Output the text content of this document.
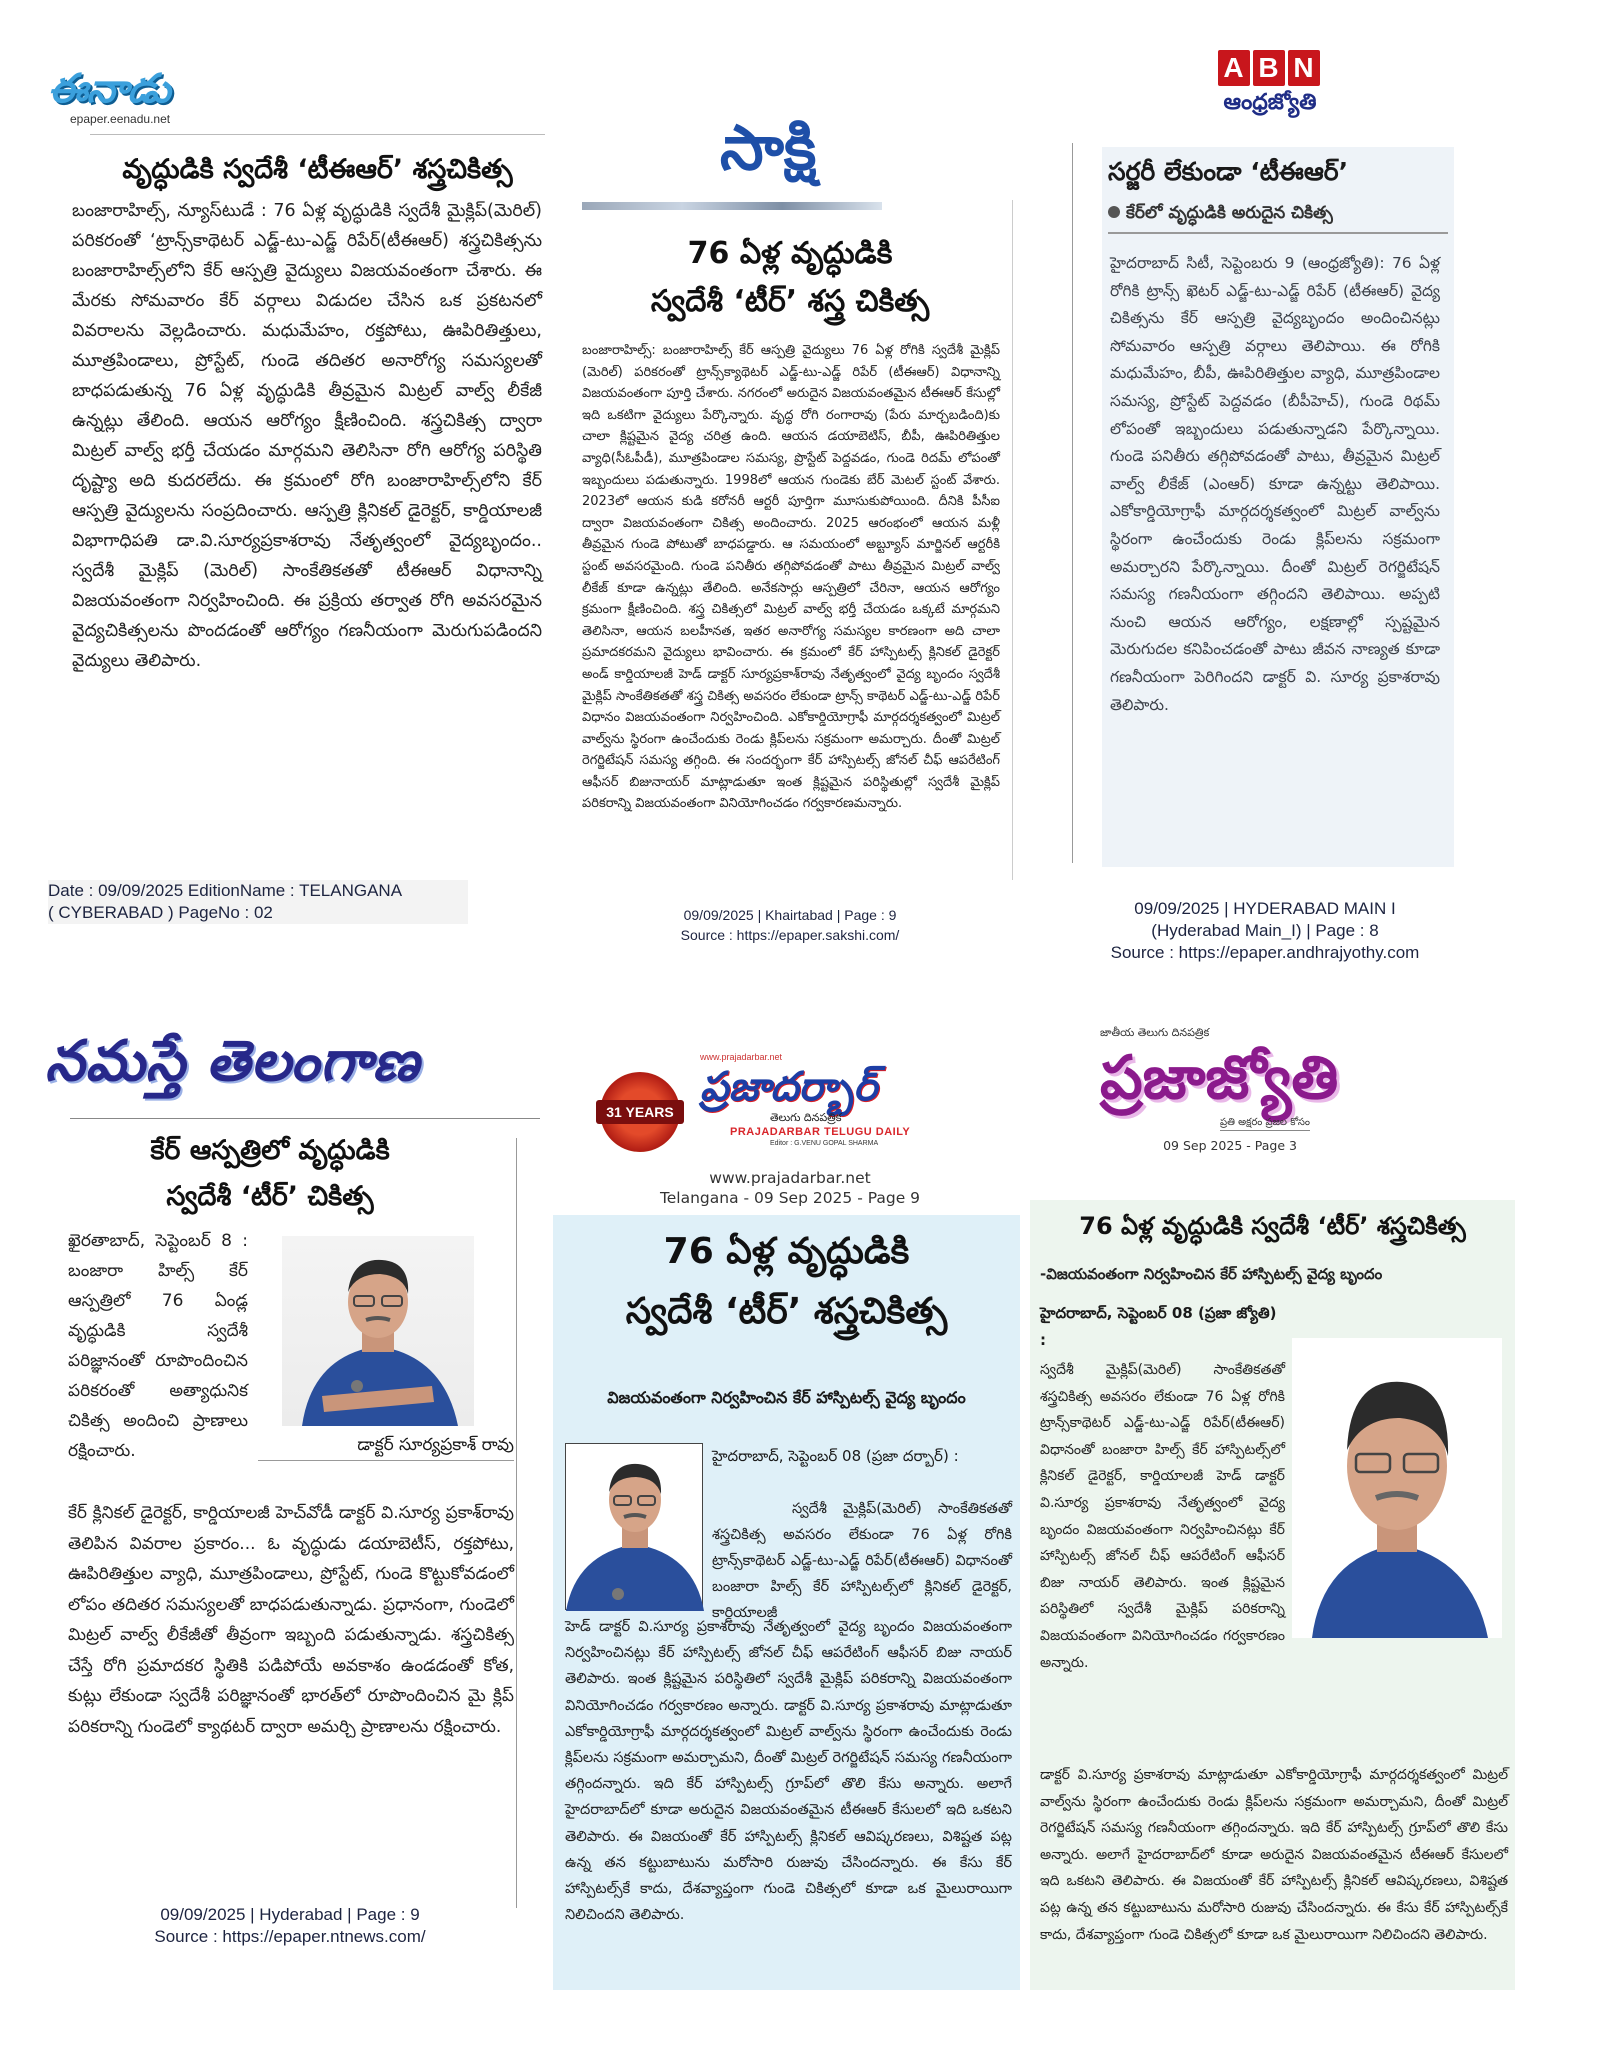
ఈనాడు
epaper.eenadu.net
వృద్ధుడికి స్వదేశీ ‘టీఈఆర్’ శస్త్రచికిత్స
బంజారాహిల్స్, న్యూస్‌టుడే : 76 ఏళ్ల వృద్ధుడికి స్వదేశీ మైక్లిప్(మెరిల్) పరికరంతో ‘ట్రాన్స్‌కాథెటర్ ఎడ్జ్-టు-ఎడ్జ్ రిపేర్(టీఈఆర్) శస్త్రచికిత్సను బంజారాహిల్స్‌లోని కేర్ ఆస్పత్రి వైద్యులు విజయవంతంగా చేశారు. ఈ మేరకు సోమవారం కేర్ వర్గాలు విడుదల చేసిన ఒక ప్రకటనలో వివరాలను వెల్లడించారు. మధుమేహం, రక్తపోటు, ఊపిరితిత్తులు, మూత్రపిండాలు, ప్రోస్టేట్, గుండె తదితర అనారోగ్య సమస్యలతో బాధపడుతున్న 76 ఏళ్ల వృద్ధుడికి తీవ్రమైన మిట్రల్ వాల్వ్ లీకేజీ ఉన్నట్లు తేలింది. ఆయన ఆరోగ్యం క్షీణించింది. శస్త్రచికిత్స ద్వారా మిట్రల్ వాల్వ్ భర్తీ చేయడం మార్గమని తెలిసినా రోగి ఆరోగ్య పరిస్థితి దృష్ట్యా అది కుదరలేదు. ఈ క్రమంలో రోగి బంజారాహిల్స్‌లోని కేర్ ఆస్పత్రి వైద్యులను సంప్రదించారు. ఆస్పత్రి క్లినికల్ డైరెక్టర్, కార్డియాలజీ విభాగాధిపతి డా.వి.సూర్యప్రకాశరావు నేతృత్వంలో వైద్యబృందం.. స్వదేశీ మైక్లిప్ (మెరిల్) సాంకేతికతతో టీఈఆర్ విధానాన్ని విజయవంతంగా నిర్వహించింది. ఈ ప్రక్రియ తర్వాత రోగి అవసరమైన వైద్యచికిత్సలను పొందడంతో ఆరోగ్యం గణనీయంగా మెరుగుపడిందని వైద్యులు తెలిపారు.
Date : 09/09/2025 EditionName : TELANGANA
( CYBERABAD ) PageNo : 02
సాక్షి
76 ఏళ్ల వృద్ధుడికి
స్వదేశీ ‘టీర్’ శస్త్ర చికిత్స
బంజారాహిల్స్: బంజారాహిల్స్ కేర్ ఆస్పత్రి వైద్యులు 76 ఏళ్ల రోగికి స్వదేశీ మైక్లిప్ (మెరిల్) పరికరంతో ట్రాన్స్‌క్యాథెటర్ ఎడ్జ్-టు-ఎడ్జ్ రిపేర్ (టీఈఆర్) విధానాన్ని విజయవంతంగా పూర్తి చేశారు. నగరంలో అరుదైన విజయవంతమైన టీఈఆర్ కేసుల్లో ఇది ఒకటిగా వైద్యులు పేర్కొన్నారు. వృద్ధ రోగి రంగారావు (పేరు మార్చబడింది)కు చాలా క్లిష్టమైన వైద్య చరిత్ర ఉంది. ఆయన డయాబెటిస్, బీపీ, ఊపిరితిత్తుల వ్యాధి(సీఓపీడీ), మూత్రపిండాల సమస్య, ప్రొస్టేట్ పెద్దవడం, గుండె రిదమ్ లోపంతో ఇబ్బందులు పడుతున్నారు. 1998లో ఆయన గుండెకు బేర్ మెటల్ స్టంట్ వేశారు. 2023లో ఆయన కుడి కరోనరీ ఆర్టరీ పూర్తిగా మూసుకుపోయింది. దీనికి పీసీఐ ద్వారా విజయవంతంగా చికిత్స అందించారు. 2025 ఆరంభంలో ఆయన మళ్లీ తీవ్రమైన గుండె పోటుతో బాధపడ్డారు. ఆ సమయంలో అబ్ట్యూస్ మార్జినల్ ఆర్టరీకి స్టంట్ అవసరమైంది. గుండె పనితీరు తగ్గిపోవడంతో పాటు తీవ్రమైన మిట్రల్ వాల్వ్ లీకేజ్ కూడా ఉన్నట్లు తేలింది. అనేకసార్లు ఆస్పత్రిలో చేరినా, ఆయన ఆరోగ్యం క్రమంగా క్షీణించింది. శస్త్ర చికిత్సలో మిట్రల్ వాల్వ్ భర్తీ చేయడం ఒక్కటే మార్గమని తెలిసినా, ఆయన బలహీనత, ఇతర అనారోగ్య సమస్యల కారణంగా అది చాలా ప్రమాదకరమని వైద్యులు భావించారు. ఈ క్రమంలో కేర్ హాస్పిటల్స్ క్లినికల్ డైరెక్టర్ అండ్ కార్డియాలజీ హెడ్ డాక్టర్ సూర్యప్రకాశ్‌రావు నేతృత్వంలో వైద్య బృందం స్వదేశీ మైక్లిప్ సాంకేతికతతో శస్త్ర చికిత్స అవసరం లేకుండా ట్రాన్స్ కాథెటర్ ఎడ్జ్-టు-ఎడ్జ్ రిపేర్ విధానం విజయవంతంగా నిర్వహించింది. ఎకోకార్డియోగ్రాఫీ మార్గదర్శకత్వంలో మిట్రల్ వాల్వ్‌ను స్థిరంగా ఉంచేందుకు రెండు క్లిప్‌లను సక్రమంగా అమర్చారు. దీంతో మిట్రల్ రెగర్జిటేషన్ సమస్య తగ్గింది. ఈ సందర్భంగా కేర్ హాస్పిటల్స్ జోనల్ చీఫ్ ఆపరేటింగ్ ఆఫీసర్ బిజునాయర్ మాట్లాడుతూ ఇంత క్లిష్టమైన పరిస్థితుల్లో స్వదేశీ మైక్లిప్ పరికరాన్ని విజయవంతంగా వినియోగించడం గర్వకారణమన్నారు.
09/09/2025 | Khairtabad | Page : 9
Source : https://epaper.sakshi.com/
A B N
ఆంధ్రజ్యోతి
సర్జరీ లేకుండా ‘టీఈఆర్’
కేర్‌లో వృద్ధుడికి అరుదైన చికిత్స
హైదరాబాద్ సిటీ, సెప్టెంబరు 9 (ఆంధ్రజ్యోతి): 76 ఏళ్ల రోగికి ట్రాన్స్ ఖెటర్ ఎడ్జ్-టు-ఎడ్జ్ రిపేర్ (టీఈఆర్) వైద్య చికిత్సను కేర్ ఆస్పత్రి వైద్యబృందం అందించినట్లు సోమవారం ఆస్పత్రి వర్గాలు తెలిపాయి. ఈ రోగికి మధుమేహం, బీపీ, ఊపిరితిత్తుల వ్యాధి, మూత్రపిండాల సమస్య, ప్రోస్టేట్ పెద్దవడం (బీపీహెచ్), గుండె రిథమ్ లోపంతో ఇబ్బందులు పడుతున్నాడని పేర్కొన్నాయి. గుండె పనితీరు తగ్గిపోవడంతో పాటు, తీవ్రమైన మిట్రల్ వాల్వ్ లీకేజ్ (ఎంఆర్) కూడా ఉన్నట్టు తెలిపాయి. ఎకోకార్డియోగ్రాఫీ మార్గదర్శకత్వంలో మిట్రల్ వాల్వ్‌ను స్థిరంగా ఉంచేందుకు రెండు క్లిప్‌లను సక్రమంగా అమర్చారని పేర్కొన్నాయి. దీంతో మిట్రల్ రెగర్జిటేషన్ సమస్య గణనీయంగా తగ్గిందని తెలిపాయి. అప్పటి నుంచి ఆయన ఆరోగ్యం, లక్షణాల్లో స్పష్టమైన మెరుగుదల కనిపించడంతో పాటు జీవన నాణ్యత కూడా గణనీయంగా పెరిగిందని డాక్టర్ వి. సూర్య ప్రకాశరావు తెలిపారు.
09/09/2025 | HYDERABAD MAIN I
(Hyderabad Main_I) | Page : 8
Source : https://epaper.andhrajyothy.com
నమస్తే తెలంగాణ
కేర్ ఆస్పత్రిలో వృద్ధుడికి
స్వదేశీ ‘టీర్’ చికిత్స
ఖైరతాబాద్, సెప్టెంబర్ 8 : బంజారా హిల్స్ కేర్ ఆస్పత్రిలో 76 ఏండ్ల వృద్ధుడికి స్వదేశీ పరిజ్ఞానంతో రూపొందించిన పరికరంతో అత్యాధునిక చికిత్స అందించి ప్రాణాలు రక్షించారు.	డాక్టర్ సూర్యప్రకాశ్ రావు
కేర్ క్లినికల్ డైరెక్టర్, కార్డియాలజీ హెచ్‌వోడీ డాక్టర్ వి.సూర్య ప్రకాశ్‌రావు తెలిపిన వివరాల ప్రకారం... ఓ వృద్ధుడు డయాబెటీస్, రక్తపోటు, ఊపిరితిత్తుల వ్యాధి, మూత్రపిండాలు, ప్రోస్టేట్, గుండె కొట్టుకోవడంలో లోపం తదితర సమస్యలతో బాధపడుతున్నాడు. ప్రధానంగా, గుండెలో మిట్రల్ వాల్వ్ లీకేజీతో తీవ్రంగా ఇబ్బంది పడుతున్నాడు. శస్త్రచికిత్స చేస్తే రోగి ప్రమాదకర స్థితికి పడిపోయే అవకాశం ఉండడంతో కోత, కుట్లు లేకుండా స్వదేశీ పరిజ్ఞానంతో భారత్‌లో రూపొందించిన మై క్లిప్ పరికరాన్ని గుండెలో క్యాథటర్ ద్వారా అమర్చి ప్రాణాలను రక్షించారు.
09/09/2025 | Hyderabad | Page : 9
Source : https://epaper.ntnews.com/
31 YEARS
www.prajadarbar.net
ప్రజాదర్బార్
తెలుగు దినపత్రిక
PRAJADARBAR TELUGU DAILY
Editor : G.VENU GOPAL SHARMA
www.prajadarbar.net
Telangana - 09 Sep 2025 - Page 9
76 ఏళ్ల వృద్ధుడికి
స్వదేశీ ‘టీర్’ శస్త్రచికిత్స
విజయవంతంగా నిర్వహించిన కేర్ హాస్పిటల్స్ వైద్య బృందం
హైదరాబాద్, సెప్టెంబర్ 08 (ప్రజా దర్బార్) :
స్వదేశీ మైక్లిప్(మెరిల్) సాంకేతికతతో శస్త్రచికిత్స అవసరం లేకుండా 76 ఏళ్ల రోగికి ట్రాన్స్‌కాథెటర్ ఎడ్జ్-టు-ఎడ్జ్ రిపేర్(టీఈఆర్) విధానంతో బంజారా హిల్స్ కేర్ హాస్పిటల్స్‌లో క్లినికల్ డైరెక్టర్, కార్డియాలజీ
హెడ్ డాక్టర్ వి.సూర్య ప్రకాశరావు నేతృత్వంలో వైద్య బృందం విజయవంతంగా నిర్వహించినట్లు కేర్ హాస్పిటల్స్ జోనల్ చీఫ్ ఆపరేటింగ్ ఆఫీసర్ బిజు నాయర్ తెలిపారు. ఇంత క్లిష్టమైన పరిస్థితిలో స్వదేశీ మైక్లిప్ పరికరాన్ని విజయవంతంగా వినియోగించడం గర్వకారణం అన్నారు. డాక్టర్ వి.సూర్య ప్రకాశరావు మాట్లాడుతూ ఎకోకార్డియోగ్రాఫీ మార్గదర్శకత్వంలో మిట్రల్ వాల్వ్‌ను స్థిరంగా ఉంచేందుకు రెండు క్లిప్‌లను సక్రమంగా అమర్చామని, దీంతో మిట్రల్ రెగర్జిటేషన్ సమస్య గణనీయంగా తగ్గిందన్నారు. ఇది కేర్ హాస్పిటల్స్ గ్రూప్‌లో తొలి కేసు అన్నారు. అలాగే హైదరాబాద్‌లో కూడా అరుదైన విజయవంతమైన టీఈఆర్ కేసులలో ఇది ఒకటని తెలిపారు. ఈ విజయంతో కేర్ హాస్పిటల్స్ క్లినికల్ ఆవిష్కరణలు, విశిష్టత పట్ల ఉన్న తన కట్టుబాటును మరోసారి రుజువు చేసిందన్నారు. ఈ కేసు కేర్ హాస్పిటల్స్‌కే కాదు, దేశవ్యాప్తంగా గుండె చికిత్సలో కూడా ఒక మైలురాయిగా నిలిచిందని తెలిపారు.
జాతీయ తెలుగు దినపత్రిక
ప్రజాజ్యోతి
ప్రతి అక్షరం ప్రజల కోసం
09 Sep 2025 - Page 3
76 ఏళ్ల వృద్ధుడికి స్వదేశీ ‘టీర్’ శస్త్రచికిత్స
-విజయవంతంగా నిర్వహించిన కేర్ హాస్పిటల్స్ వైద్య బృందం
హైదరాబాద్, సెప్టెంబర్ 08 (ప్రజా జ్యోతి) :
స్వదేశీ మైక్లిప్(మెరిల్) సాంకేతికతతో శస్త్రచికిత్స అవసరం లేకుండా 76 ఏళ్ల రోగికి ట్రాన్స్‌కాథెటర్ ఎడ్జ్-టు-ఎడ్జ్ రిపేర్(టీఈఆర్) విధానంతో బంజారా హిల్స్ కేర్ హాస్పిటల్స్‌లో క్లినికల్ డైరెక్టర్, కార్డియాలజీ హెడ్ డాక్టర్ వి.సూర్య ప్రకాశరావు నేతృత్వంలో వైద్య బృందం విజయవంతంగా నిర్వహించినట్లు కేర్ హాస్పిటల్స్ జోనల్ చీఫ్ ఆపరేటింగ్ ఆఫీసర్ బిజు నాయర్ తెలిపారు. ఇంత క్లిష్టమైన పరిస్థితిలో స్వదేశీ మైక్లిప్ పరికరాన్ని విజయవంతంగా వినియోగించడం గర్వకారణం అన్నారు.
డాక్టర్ వి.సూర్య ప్రకాశరావు మాట్లాడుతూ ఎకోకార్డియోగ్రాఫీ మార్గదర్శకత్వంలో మిట్రల్ వాల్వ్‌ను స్థిరంగా ఉంచేందుకు రెండు క్లిప్‌లను సక్రమంగా అమర్చామని, దీంతో మిట్రల్ రెగర్జిటేషన్ సమస్య గణనీయంగా తగ్గిందన్నారు. ఇది కేర్ హాస్పిటల్స్ గ్రూప్‌లో తొలి కేసు అన్నారు. అలాగే హైదరాబాద్‌లో కూడా అరుదైన విజయవంతమైన టీఈఆర్ కేసులలో ఇది ఒకటని తెలిపారు. ఈ విజయంతో కేర్ హాస్పిటల్స్ క్లినికల్ ఆవిష్కరణలు, విశిష్టత పట్ల ఉన్న తన కట్టుబాటును మరోసారి రుజువు చేసిందన్నారు. ఈ కేసు కేర్ హాస్పిటల్స్‌కే కాదు, దేశవ్యాప్తంగా గుండె చికిత్సలో కూడా ఒక మైలురాయిగా నిలిచిందని తెలిపారు.
